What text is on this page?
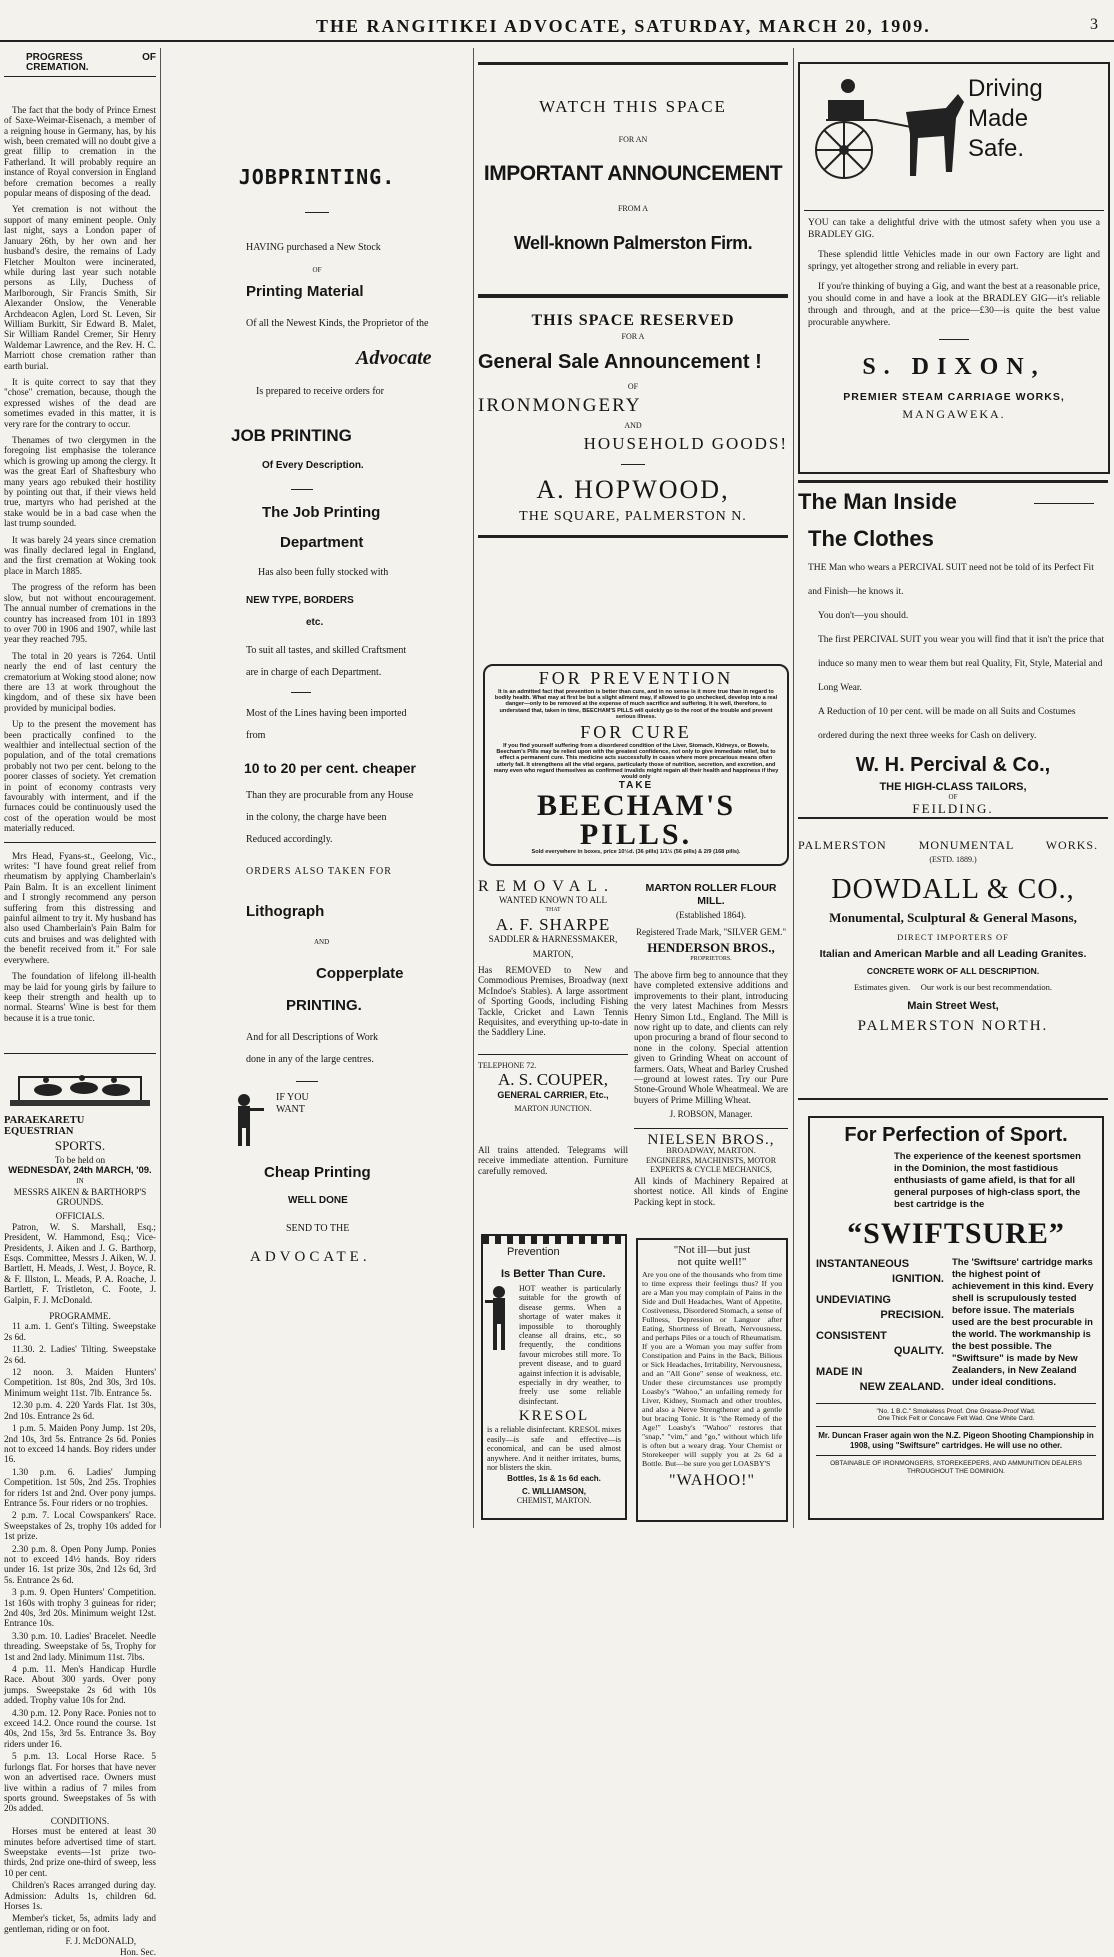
THE RANGITIKEI ADVOCATE, SATURDAY, MARCH 20, 1909.	3
PROGRESS OF CREMATION.

The fact that the body of Prince Ernest of Saxe-Weimar-Eisenach, a member of a reigning house in Germany, has, by his wish, been cremated will no doubt give a great fillip to cremation in the Fatherland. It will probably require an instance of Royal conversion in England before cremation becomes a really popular means of disposing of the dead.

Yet cremation is not without the support of many eminent people. Only last night, says a London paper of January 26th, by her own and her husband's desire, the remains of Lady Fletcher Moulton were incinerated, while during last year such notable persons as Lily, Duchess of Marlborough, Sir Francis Smith, Sir Alexander Onslow, the Venerable Archdeacon Aglen, Lord St. Leven, Sir William Burkitt, Sir Edward B. Malet, Sir William Randel Cremer, Sir Henry Waldemar Lawrence, and the Rev. H. C. Marriott chose cremation rather than earth burial.

It is quite correct to say that they "chose" cremation, because, though the expressed wishes of the dead are sometimes evaded in this matter, it is very rare for the contrary to occur.

Thenames of two clergymen in the foregoing list emphasise the tolerance which is growing up among the clergy. It was the great Earl of Shaftesbury who many years ago rebuked their hostility by pointing out that, if their views held true, martyrs who had perished at the stake would be in a bad case when the last trump sounded.

It was barely 24 years since cremation was finally declared legal in England, and the first cremation at Woking took place in March 1885.

The progress of the reform has been slow, but not without encouragement. The annual number of cremations in the country has increased from 101 in 1893 to over 700 in 1906 and 1907, while last year they reached 795.

The total in 20 years is 7264. Until nearly the end of last century the crematorium at Woking stood alone; now there are 13 at work throughout the kingdom, and of these six have been provided by municipal bodies.

Up to the present the movement has been practically confined to the wealthier and intellectual section of the population, and of the total cremations probably not two per cent. belong to the poorer classes of society. Yet cremation in point of economy contrasts very favourably with interment, and if the furnaces could be continuously used the cost of the operation would be most materially reduced.

Mrs Head, Fyans-st., Geelong, Vic., writes: "I have found great relief from rheumatism by applying Chamberlain's Pain Balm. It is an excellent liniment and I strongly recommend any person suffering from this distressing and painful ailment to try it. My husband has also used Chamberlain's Pain Balm for cuts and bruises and was delighted with the benefit received from it." For sale everywhere.

The foundation of lifelong ill-health may be laid for young girls by failure to keep their strength and health up to normal. Stearns' Wine is best for them because it is a true tonic.

PARAEKARETU EQUESTRIAN
SPORTS.
To be held on
WEDNESDAY, 24th MARCH, '09.
IN
MESSRS AIKEN & BARTHORP'S GROUNDS.
OFFICIALS.

Patron, W. S. Marshall, Esq.; President, W. Hammond, Esq.; Vice-Presidents, J. Aiken and J. G. Barthorp, Esqs. Committee, Messrs J. Aiken, W. J. Bartlett, H. Meads, J. West, J. Boyce, R. & F. Illston, L. Meads, P. A. Roache, J. Bartlett, F. Tristleton, C. Foote, J. Galpin, F. J. McDonald.

PROGRAMME.

11 a.m. 1. Gent's Tilting. Sweepstake 2s 6d.

11.30. 2. Ladies' Tilting. Sweepstake 2s 6d.

12 noon. 3. Maiden Hunters' Competition. 1st 80s, 2nd 30s, 3rd 10s. Minimum weight 11st. 7lb. Entrance 5s.

12.30 p.m. 4. 220 Yards Flat. 1st 30s, 2nd 10s. Entrance 2s 6d.

1 p.m. 5. Maiden Pony Jump. 1st 20s, 2nd 10s, 3rd 5s. Entrance 2s 6d. Ponies not to exceed 14 hands. Boy riders under 16.

1.30 p.m. 6. Ladies' Jumping Competition. 1st 50s, 2nd 25s. Trophies for riders 1st and 2nd. Over pony jumps. Entrance 5s. Four riders or no trophies.

2 p.m. 7. Local Cowspankers' Race. Sweepstakes of 2s, trophy 10s added for 1st prize.

2.30 p.m. 8. Open Pony Jump. Ponies not to exceed 14½ hands. Boy riders under 16. 1st prize 30s, 2nd 12s 6d, 3rd 5s. Entrance 2s 6d.

3 p.m. 9. Open Hunters' Competition. 1st 160s with trophy 3 guineas for rider; 2nd 40s, 3rd 20s. Minimum weight 12st. Entrance 10s.

3.30 p.m. 10. Ladies' Bracelet. Needle threading. Sweepstake of 5s, Trophy for 1st and 2nd lady. Minimum 11st. 7lbs.

4 p.m. 11. Men's Handicap Hurdle Race. About 300 yards. Over pony jumps. Sweepstake 2s 6d with 10s added. Trophy value 10s for 2nd.

4.30 p.m. 12. Pony Race. Ponies not to exceed 14.2. Once round the course. 1st 40s, 2nd 15s, 3rd 5s. Entrance 3s. Boy riders under 16.

5 p.m. 13. Local Horse Race. 5 furlongs flat. For horses that have never won an advertised race. Owners must live within a radius of 7 miles from sports ground. Sweepstakes of 5s with 20s added.

CONDITIONS.

Horses must be entered at least 30 minutes before advertised time of start. Sweepstake events—1st prize two-thirds, 2nd prize one-third of sweep, less 10 per cent.

Children's Races arranged during day. Admission: Adults 1s, children 6d. Horses 1s.

Member's ticket, 5s, admits lady and gentleman, riding or on foot.

F. J. McDONALD,
Hon. Sec.
JOBPRINTING.
HAVING purchased a New Stock
OF
Printing Material
Of all the Newest Kinds, the Proprietor of the
Advocate
Is prepared to receive orders for
JOB PRINTING
Of Every Description.
The Job Printing
Department
Has also been fully stocked with
NEW TYPE, BORDERS
etc.
To suit all tastes, and skilled Craftsment are in charge of each Department.
Most of the Lines having been imported from
10 to 20 per cent. cheaper
Than they are procurable from any House in the colony, the charge have been Reduced accordingly.
ORDERS ALSO TAKEN FOR
Lithograph
AND
Copperplate
PRINTING.
And for all Descriptions of Work done in any of the large centres.
IF YOU WANT
Cheap Printing
WELL DONE
SEND TO THE
ADVOCATE.
WATCH THIS SPACE
FOR AN
IMPORTANT ANNOUNCEMENT
FROM A
Well-known Palmerston Firm.
THIS SPACE RESERVED
FOR A
General Sale Announcement !
OF
IRONMONGERY
AND
HOUSEHOLD GOODS!
A. HOPWOOD,
THE SQUARE, PALMERSTON N.
FOR PREVENTION
It is an admitted fact that prevention is better than cure, and in no sense is it more true than in regard to bodily health. What may at first be but a slight ailment may, if allowed to go unchecked, develop into a real danger—only to be removed at the expense of much sacrifice and suffering. It is well, therefore, to understand that, taken in time, BEECHAM'S PILLS will quickly go to the root of the trouble and prevent serious illness.
FOR CURE
If you find yourself suffering from a disordered condition of the Liver, Stomach, Kidneys, or Bowels, Beecham's Pills may be relied upon with the greatest confidence, not only to give immediate relief, but to effect a permanent cure. This medicine acts successfully in cases where more precarious means often utterly fail. It strengthens all the vital organs, particularly those of nutrition, secretion, and excretion, and many even who regard themselves as confirmed invalids might regain all their health and happiness if they would only
TAKE
BEECHAM'S
PILLS.
Sold everywhere in boxes, price 10½d. (36 pills) 1/1½ (56 pills) & 2/9 (168 pills).
REMOVAL.
WANTED KNOWN TO ALL
THAT
A. F. SHARPE
SADDLER & HARNESSMAKER,
MARTON,
Has REMOVED to New and Commodious Premises, Broadway (next McIndoe's Stables). A large assortment of Sporting Goods, including Fishing Tackle, Cricket and Lawn Tennis Requisites, and everything up-to-date in the Saddlery Line.
TELEPHONE 72.
A. S. COUPER,
GENERAL CARRIER, Etc.,
MARTON JUNCTION.
All trains attended. Telegrams will receive immediate attention. Furniture carefully removed.
Prevention
Is Better Than Cure.
HOT weather is particularly suitable for the growth of disease germs. When a shortage of water makes it impossible to thoroughly cleanse all drains, etc., so frequently, the conditions favour microbes still more. To prevent disease, and to guard against infection it is advisable, especially in dry weather, to freely use some reliable disinfectant.
KRESOL
is a reliable disinfectant. KRESOL mixes easily—is safe and effective—is economical, and can be used almost anywhere. And it neither irritates, burns, nor blisters the skin.
Bottles, 1s & 1s 6d each.
C. WILLIAMSON,
CHEMIST, MARTON.
MARTON ROLLER FLOUR MILL.
(Established 1864).
Registered Trade Mark, "SILVER GEM."
HENDERSON BROS.,
PROPRIETORS.
The above firm beg to announce that they have completed extensive additions and improvements to their plant, introducing the very latest Machines from Messrs Henry Simon Ltd., England. The Mill is now right up to date, and clients can rely upon procuring a brand of flour second to none in the colony. Special attention given to Grinding Wheat on account of farmers. Oats, Wheat and Barley Crushed—ground at lowest rates. Try our Pure Stone-Ground Whole Wheatmeal. We are buyers of Prime Milling Wheat.
J. ROBSON, Manager.
NIELSEN BROS.,
BROADWAY, MARTON.
ENGINEERS, MACHINISTS, MOTOR EXPERTS & CYCLE MECHANICS,
All kinds of Machinery Repaired at shortest notice. All kinds of Engine Packing kept in stock.
"Not ill—but just
not quite well!"
Are you one of the thousands who from time to time express their feelings thus? If you are a Man you may complain of Pains in the Side and Dull Headaches, Want of Appetite, Costiveness, Disordered Stomach, a sense of Fullness, Depression or Languor after Eating, Shortness of Breath, Nervousness, and perhaps Piles or a touch of Rheumatism. If you are a Woman you may suffer from Constipation and Pains in the Back, Bilious or Sick Headaches, Irritability, Nervousness, and an "All Gone" sense of weakness, etc. Under these circumstances use promptly Loasby's "Wahoo," an unfailing remedy for Liver, Kidney, Stomach and other troubles, and also a Nerve Strengthener and a gentle but bracing Tonic. It is "the Remedy of the Age!" Loasby's "Wahoo" restores that "snap," "vim," and "go," without which life is often but a weary drag. Your Chemist or Storekeeper will supply you at 2s 6d a Bottle. But—be sure you get LOASBY'S
"WAHOO!"
Driving
Made
Safe.

YOU can take a delightful drive with the utmost safety when you use a BRADLEY GIG.

These splendid little Vehicles made in our own Factory are light and springy, yet altogether strong and reliable in every part.

If you're thinking of buying a Gig, and want the best at a reasonable price, you should come in and have a look at the BRADLEY GIG—it's reliable through and through, and at the price—£30—is quite the best value procurable anywhere.

S. DIXON,
PREMIER STEAM CARRIAGE WORKS,
MANGAWEKA.
The Man Inside
The Clothes
THE Man who wears a PERCIVAL SUIT need not be told of its Perfect Fit and Finish—he knows it.
You don't—you should.
The first PERCIVAL SUIT you wear you will find that it isn't the price that induce so many men to wear them but real Quality, Fit, Style, Material and Long Wear.
A Reduction of 10 per cent. will be made on all Suits and Costumes ordered during the next three weeks for Cash on delivery.
W. H. Percival & Co.,
THE HIGH-CLASS TAILORS,
OF
FEILDING.
PALMERSTON MONUMENTAL WORKS.
(ESTD. 1889.)
DOWDALL & CO.,
Monumental, Sculptural & General Masons,
DIRECT IMPORTERS OF
Italian and American Marble and all Leading Granites.
CONCRETE WORK OF ALL DESCRIPTION.
Estimates given.     Our work is our best recommendation.
Main Street West,
PALMERSTON NORTH.
For Perfection of Sport.
The experience of the keenest sportsmen in the Dominion, the most fastidious enthusiasts of game afield, is that for all general purposes of high-class sport, the best cartridge is the
“SWIFTSURE”
INSTANTANEOUS
IGNITION.
UNDEVIATING
PRECISION.
CONSISTENT
QUALITY.
MADE IN
NEW ZEALAND.
The 'Swiftsure' cartridge marks the highest point of achievement in this kind. Every shell is scrupulously tested before issue. The materials used are the best procurable in the world. The workmanship is the best possible. The "Swiftsure" is made by New Zealanders, in New Zealand under ideal conditions.
"No. 1 B.C." Smokeless Proof. One Grease-Proof Wad.
One Thick Felt or Concave Felt Wad. One White Card.
Mr. Duncan Fraser again won the N.Z. Pigeon Shooting Championship in 1908, using "Swiftsure" cartridges. He will use no other.
OBTAINABLE OF IRONMONGERS, STOREKEEPERS, AND AMMUNITION DEALERS THROUGHOUT THE DOMINION.
